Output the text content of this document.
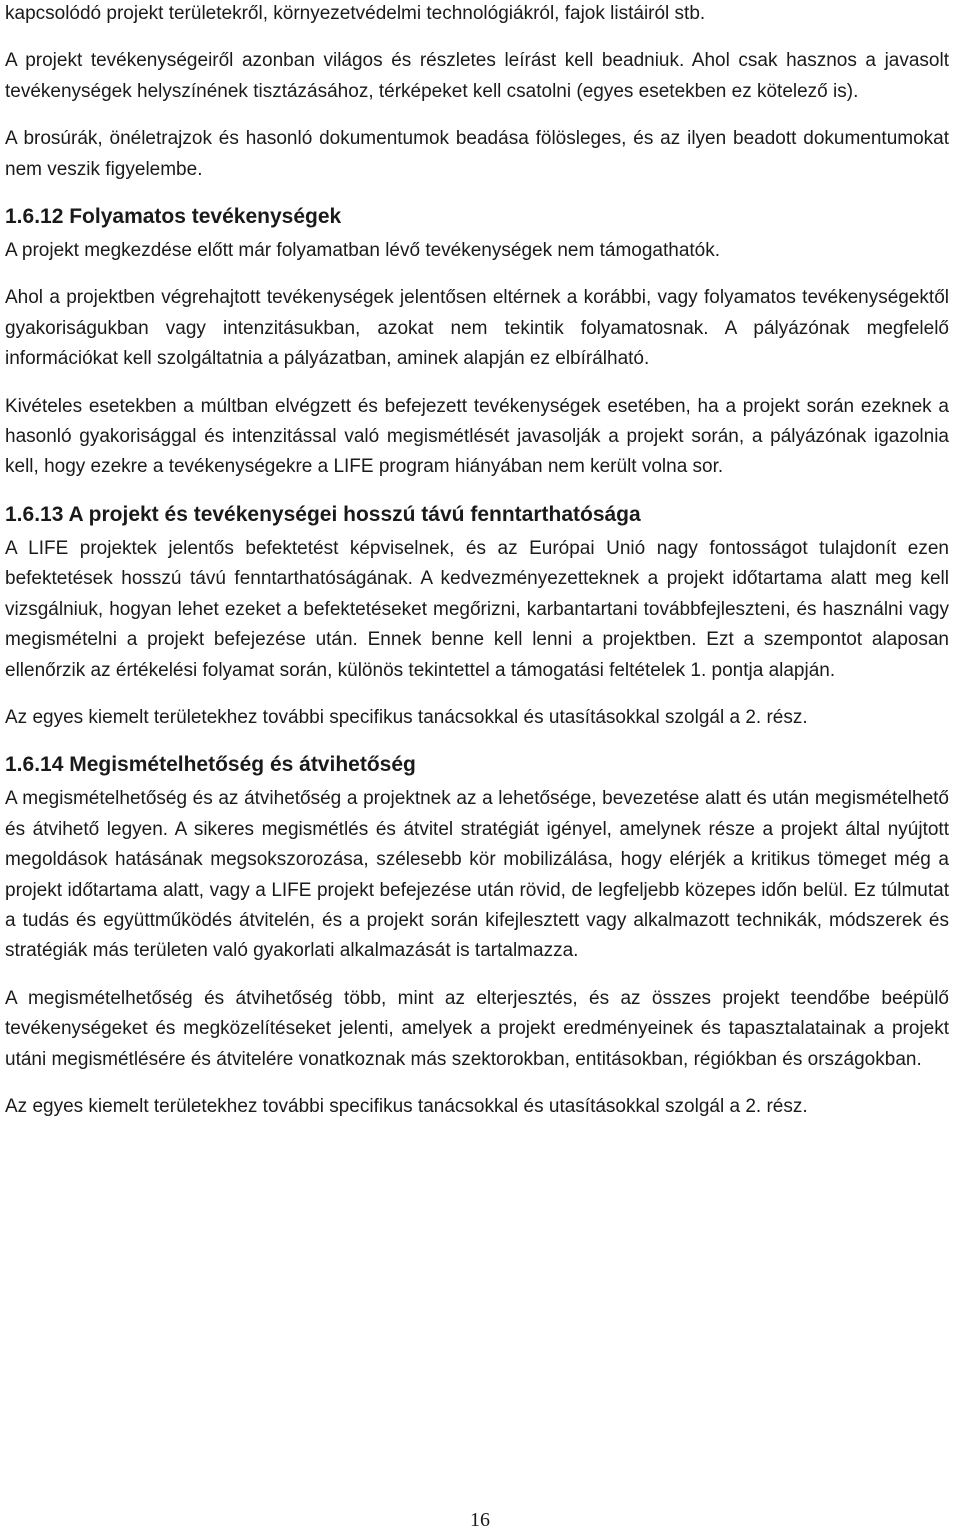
kapcsolódó projekt területekről, környezetvédelmi technológiákról, fajok listáiról stb.

A projekt tevékenységeiről azonban világos és részletes leírást kell beadniuk. Ahol csak hasznos a javasolt tevékenységek helyszínének tisztázásához, térképeket kell csatolni (egyes esetekben ez kötelező is).

A brosúrák, önéletrajzok és hasonló dokumentumok beadása fölösleges, és az ilyen beadott dokumentumokat nem veszik figyelembe.

1.6.12 Folyamatos tevékenységek

A projekt megkezdése előtt már folyamatban lévő tevékenységek nem támogathatók.

Ahol a projektben végrehajtott tevékenységek jelentősen eltérnek a korábbi, vagy folyamatos tevékenységektől gyakoriságukban vagy intenzitásukban, azokat nem tekintik folyamatosnak. A pályázónak megfelelő információkat kell szolgáltatnia a pályázatban, aminek alapján ez elbírálható.

Kivételes esetekben a múltban elvégzett és befejezett tevékenységek esetében, ha a projekt során ezeknek a hasonló gyakorisággal és intenzitással való megismétlését javasolják a projekt során, a pályázónak igazolnia kell, hogy ezekre a tevékenységekre a LIFE program hiányában nem került volna sor.

1.6.13 A projekt és tevékenységei hosszú távú fenntarthatósága

A LIFE projektek jelentős befektetést képviselnek, és az Európai Unió nagy fontosságot tulajdonít ezen befektetések hosszú távú fenntarthatóságának. A kedvezményezetteknek a projekt időtartama alatt meg kell vizsgálniuk, hogyan lehet ezeket a befektetéseket megőrizni, karbantartani továbbfejleszteni, és használni vagy megismételni a projekt befejezése után. Ennek benne kell lenni a projektben. Ezt a szempontot alaposan ellenőrzik az értékelési folyamat során, különös tekintettel a támogatási feltételek 1. pontja alapján.

Az egyes kiemelt területekhez további specifikus tanácsokkal és utasításokkal szolgál a 2. rész.

1.6.14 Megismételhetőség és átvihetőség

A megismételhetőség és az átvihetőség a projektnek az a lehetősége, bevezetése alatt és után megismételhető és átvihető legyen. A sikeres megismétlés és átvitel stratégiát igényel, amelynek része a projekt által nyújtott megoldások hatásának megsokszorozása, szélesebb kör mobilizálása, hogy elérjék a kritikus tömeget még a projekt időtartama alatt, vagy a LIFE projekt befejezése után rövid, de legfeljebb közepes időn belül. Ez túlmutat a tudás és együttműködés átvitelén, és a projekt során kifejlesztett vagy alkalmazott technikák, módszerek és stratégiák más területen való gyakorlati alkalmazását is tartalmazza.

A megismételhetőség és átvihetőség több, mint az elterjesztés, és az összes projekt teendőbe beépülő tevékenységeket és megközelítéseket jelenti, amelyek a projekt eredményeinek és tapasztalatainak a projekt utáni megismétlésére és átvitelére vonatkoznak más szektorokban, entitásokban, régiókban és országokban.

Az egyes kiemelt területekhez további specifikus tanácsokkal és utasításokkal szolgál a 2. rész.

16
